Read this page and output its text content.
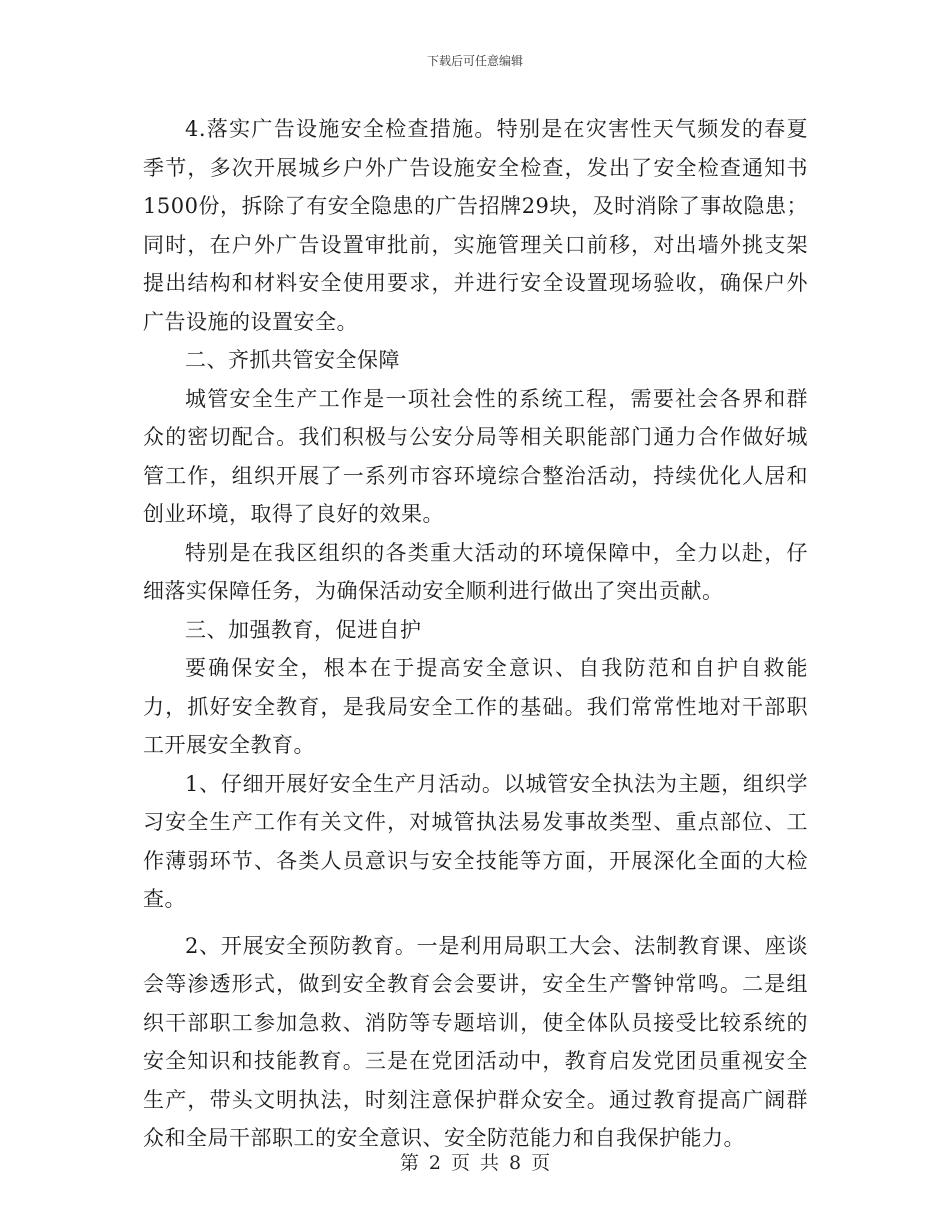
下载后可任意编辑

4.落实广告设施安全检查措施。特别是在灾害性天气频发的春夏季节，多次开展城乡户外广告设施安全检查，发出了安全检查通知书1500份，拆除了有安全隐患的广告招牌29块，及时消除了事故隐患；同时，在户外广告设置审批前，实施管理关口前移，对出墙外挑支架提出结构和材料安全使用要求，并进行安全设置现场验收，确保户外广告设施的设置安全。

二、齐抓共管安全保障

城管安全生产工作是一项社会性的系统工程，需要社会各界和群众的密切配合。我们积极与公安分局等相关职能部门通力合作做好城管工作，组织开展了一系列市容环境综合整治活动，持续优化人居和创业环境，取得了良好的效果。

特别是在我区组织的各类重大活动的环境保障中，全力以赴，仔细落实保障任务，为确保活动安全顺利进行做出了突出贡献。

三、加强教育，促进自护

要确保安全，根本在于提高安全意识、自我防范和自护自救能力，抓好安全教育，是我局安全工作的基础。我们常常性地对干部职工开展安全教育。

1、仔细开展好安全生产月活动。以城管安全执法为主题，组织学习安全生产工作有关文件，对城管执法易发事故类型、重点部位、工作薄弱环节、各类人员意识与安全技能等方面，开展深化全面的大检查。

2、开展安全预防教育。一是利用局职工大会、法制教育课、座谈会等渗透形式，做到安全教育会会要讲，安全生产警钟常鸣。二是组织干部职工参加急救、消防等专题培训，使全体队员接受比较系统的安全知识和技能教育。三是在党团活动中，教育启发党团员重视安全生产，带头文明执法，时刻注意保护群众安全。通过教育提高广阔群众和全局干部职工的安全意识、安全防范能力和自我保护能力。

第 2 页 共 8 页
